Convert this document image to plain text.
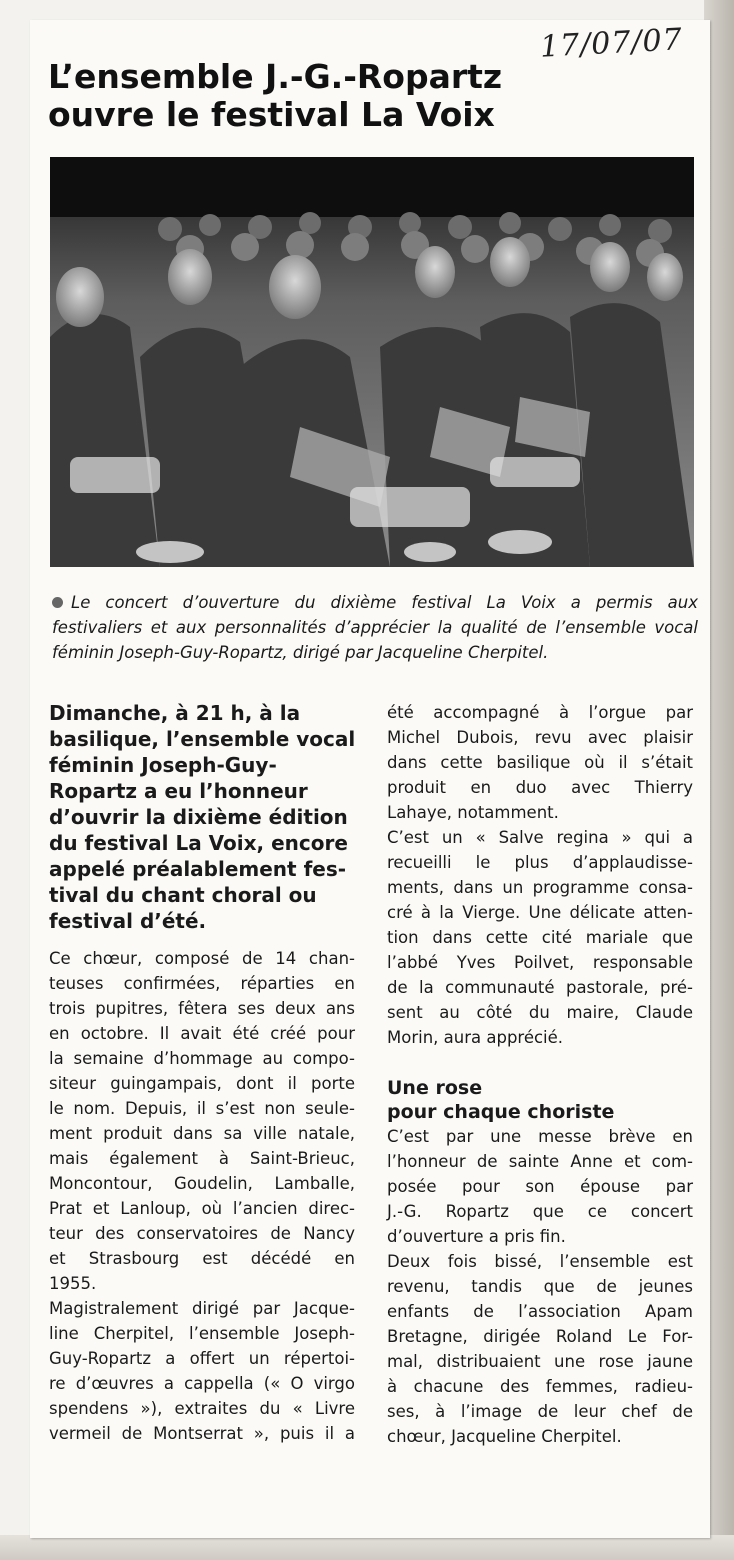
17/07/07
L’ensemble J.-G.-Ropartz
ouvre le festival La Voix
Le concert d’ouverture du dixième festival La Voix a permis aux
festivaliers et aux personnalités d’apprécier la qualité de l’ensemble vocal
féminin Joseph-Guy-Ropartz, dirigé par Jacqueline Cherpitel.
Dimanche, à 21 h, à la
basilique, l’ensemble vocal
féminin Joseph-Guy-
Ropartz a eu l’honneur
d’ouvrir la dixième édition
du festival La Voix, encore
appelé préalablement fes-
tival du chant choral ou
festival d’été.
Ce chœur, composé de 14 chan-
teuses confirmées, réparties en
trois pupitres, fêtera ses deux ans
en octobre. Il avait été créé pour
la semaine d’hommage au compo-
siteur guingampais, dont il porte
le nom. Depuis, il s’est non seule-
ment produit dans sa ville natale,
mais également à Saint-Brieuc,
Moncontour, Goudelin, Lamballe,
Prat et Lanloup, où l’ancien direc-
teur des conservatoires de Nancy
et Strasbourg est décédé en
1955.
Magistralement dirigé par Jacque-
line Cherpitel, l’ensemble Joseph-
Guy-Ropartz a offert un répertoi-
re d’œuvres a cappella (« O virgo
spendens »), extraites du « Livre
vermeil de Montserrat », puis il a
été accompagné à l’orgue par
Michel Dubois, revu avec plaisir
dans cette basilique où il s’était
produit en duo avec Thierry
Lahaye, notamment.
C’est un « Salve regina » qui a
recueilli le plus d’applaudisse-
ments, dans un programme consa-
cré à la Vierge. Une délicate atten-
tion dans cette cité mariale que
l’abbé Yves Poilvet, responsable
de la communauté pastorale, pré-
sent au côté du maire, Claude
Morin, aura apprécié.
Une rose
pour chaque choriste
C’est par une messe brève en
l’honneur de sainte Anne et com-
posée pour son épouse par
J.-G. Ropartz que ce concert
d’ouverture a pris fin.
Deux fois bissé, l’ensemble est
revenu, tandis que de jeunes
enfants de l’association Apam
Bretagne, dirigée Roland Le For-
mal, distribuaient une rose jaune
à chacune des femmes, radieu-
ses, à l’image de leur chef de
chœur, Jacqueline Cherpitel.
